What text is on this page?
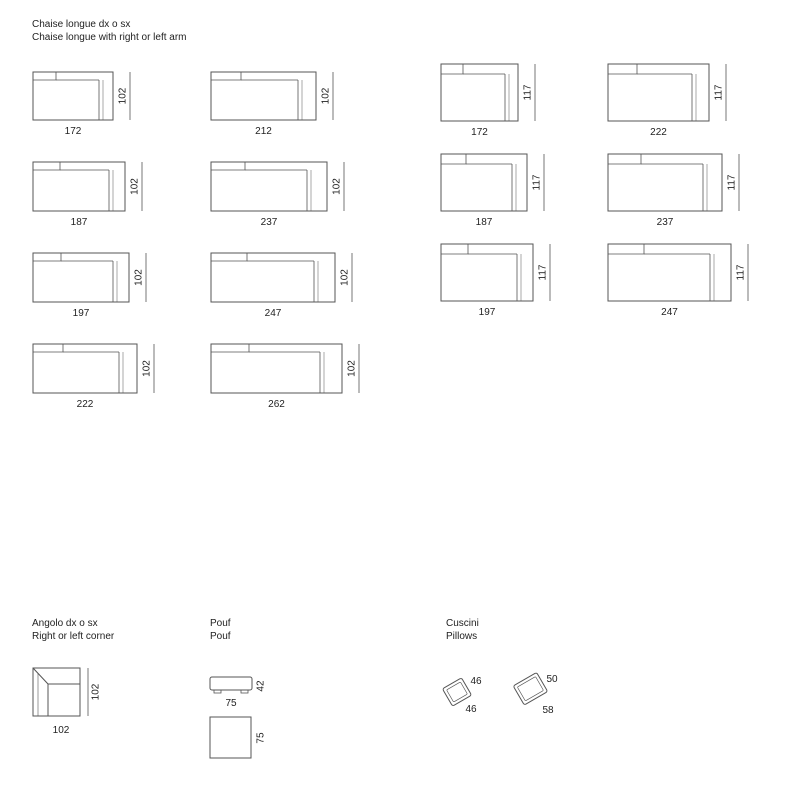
Chaise longue dx o sx
Chaise longue with right or left arm
Angolo dx o sx
Right or left corner
Pouf
Pouf
Cuscini
Pillows
102
172
102
212
102
187
102
237
102
197
102
247
102
222
102
262
117
172
117
222
117
187
117
237
117
197
117
247
102
102
42
75
75
46
46
50
58
